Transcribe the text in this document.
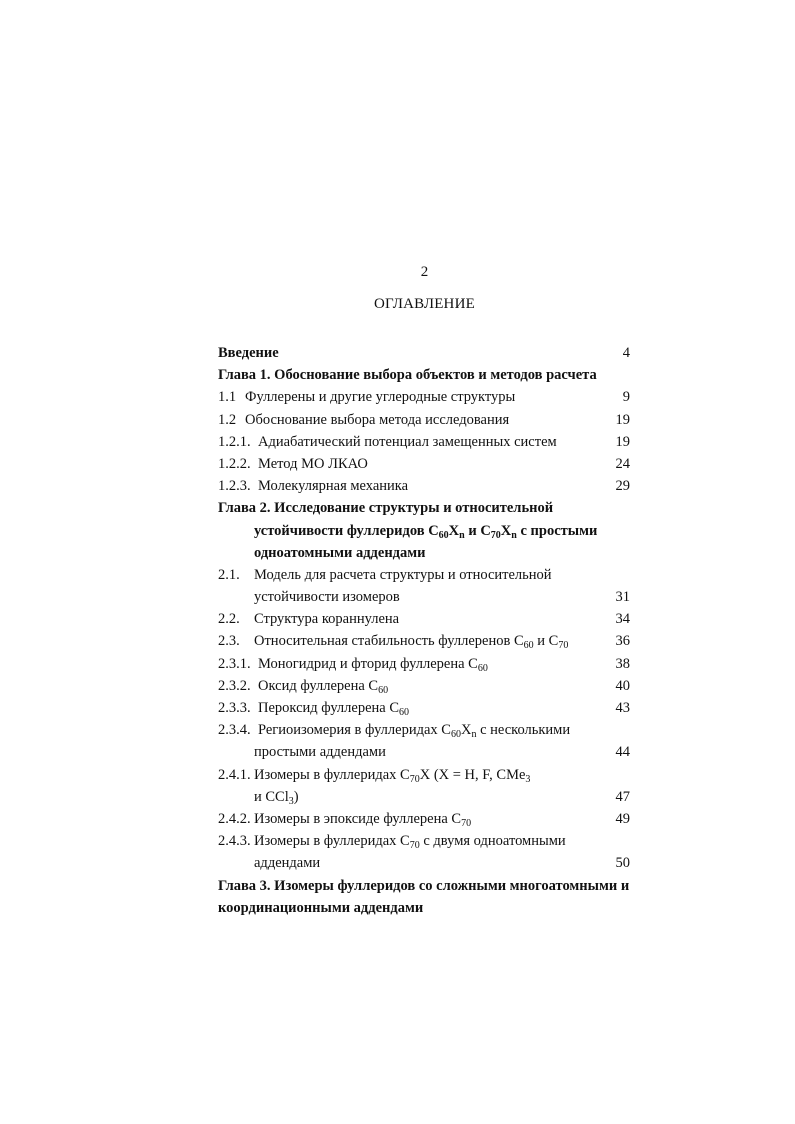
2
ОГЛАВЛЕНИЕ
Введение	4
Глава 1. Обоснование выбора объектов и методов расчета
1.1 Фуллерены и другие углеродные структуры	9
1.2 Обоснование выбора метода исследования	19
1.2.1. Адиабатический потенциал замещенных систем	19
1.2.2. Метод МО ЛКАО	24
1.2.3. Молекулярная механика	29
Глава 2. Исследование структуры и относительной
устойчивости фуллеридов $C_{60}X_n$ и $C_{70}X_n$ с простыми
одноатомными аддендами
2.1. Модель для расчета структуры и относительной
устойчивости изомеров	31
2.2. Структура кораннулена	34
2.3. Относительная стабильность фуллеренов $C_{60}$ и $C_{70}$	36
2.3.1. Моногидрид и фторид фуллерена $C_{60}$	38
2.3.2. Оксид фуллерена $C_{60}$	40
2.3.3. Пероксид фуллерена $C_{60}$	43
2.3.4. Региоизомерия в фуллеридах $C_{60}X_n$ с несколькими
простыми аддендами	44
2.4.1. Изомеры в фуллеридах $C_{70}X$ (X = H, F, CMe$_3$
и CCl$_3$)	47
2.4.2. Изомеры в эпоксиде фуллерена $C_{70}$	49
2.4.3. Изомеры в фуллеридах $C_{70}$ с двумя одноатомными
аддендами	50
Глава 3. Изомеры фуллеридов со сложными многоатомными и
координационными аддендами
